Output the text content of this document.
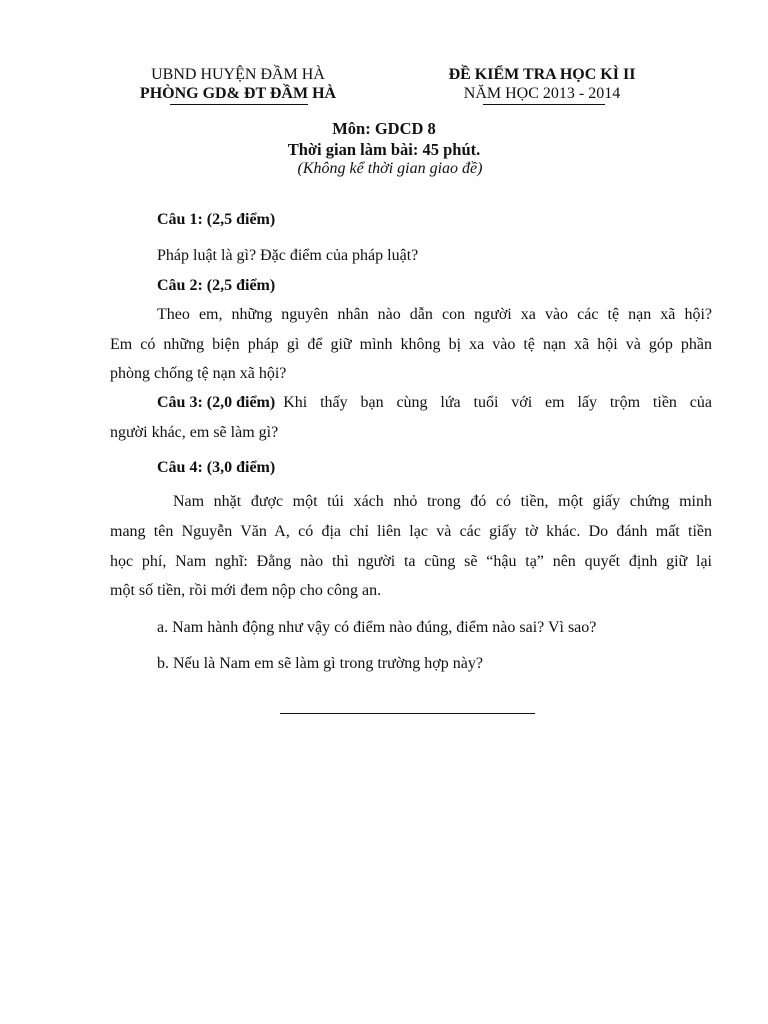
UBND HUYỆN ĐẦM HÀ
PHÒNG GD& ĐT ĐẦM HÀ
ĐỀ KIỂM TRA HỌC KÌ II
NĂM HỌC 2013 - 2014
Môn: GDCD 8
Thời gian làm bài: 45 phút.
(Không kể thời gian giao đề)
Câu 1: (2,5 điểm)
Pháp luật là gì? Đặc điểm của pháp luật?
Câu 2: (2,5 điểm)
Theo em, những nguyên nhân nào dẫn con người xa vào các tệ nạn xã hội?
Em có những biện pháp gì để giữ mình không bị xa vào tệ nạn xã hội và góp phần
phòng chống tệ nạn xã hội?
Câu 3: (2,0 điểm) Khi thấy bạn cùng lứa tuổi với em lấy trộm tiền của
người khác, em sẽ làm gì?
Câu 4: (3,0 điểm)
Nam nhặt được một túi xách nhỏ trong đó có tiền, một giấy chứng minh
mang tên Nguyễn Văn A, có địa chỉ liên lạc và các giấy tờ khác. Do đánh mất tiền
học phí, Nam nghĩ: Đằng nào thì người ta cũng sẽ “hậu tạ” nên quyết định giữ lại
một số tiền, rồi mới đem nộp cho công an.
a. Nam hành động như vậy có điểm nào đúng, điểm nào sai? Vì sao?
b. Nếu là Nam em sẽ làm gì trong trường hợp này?
